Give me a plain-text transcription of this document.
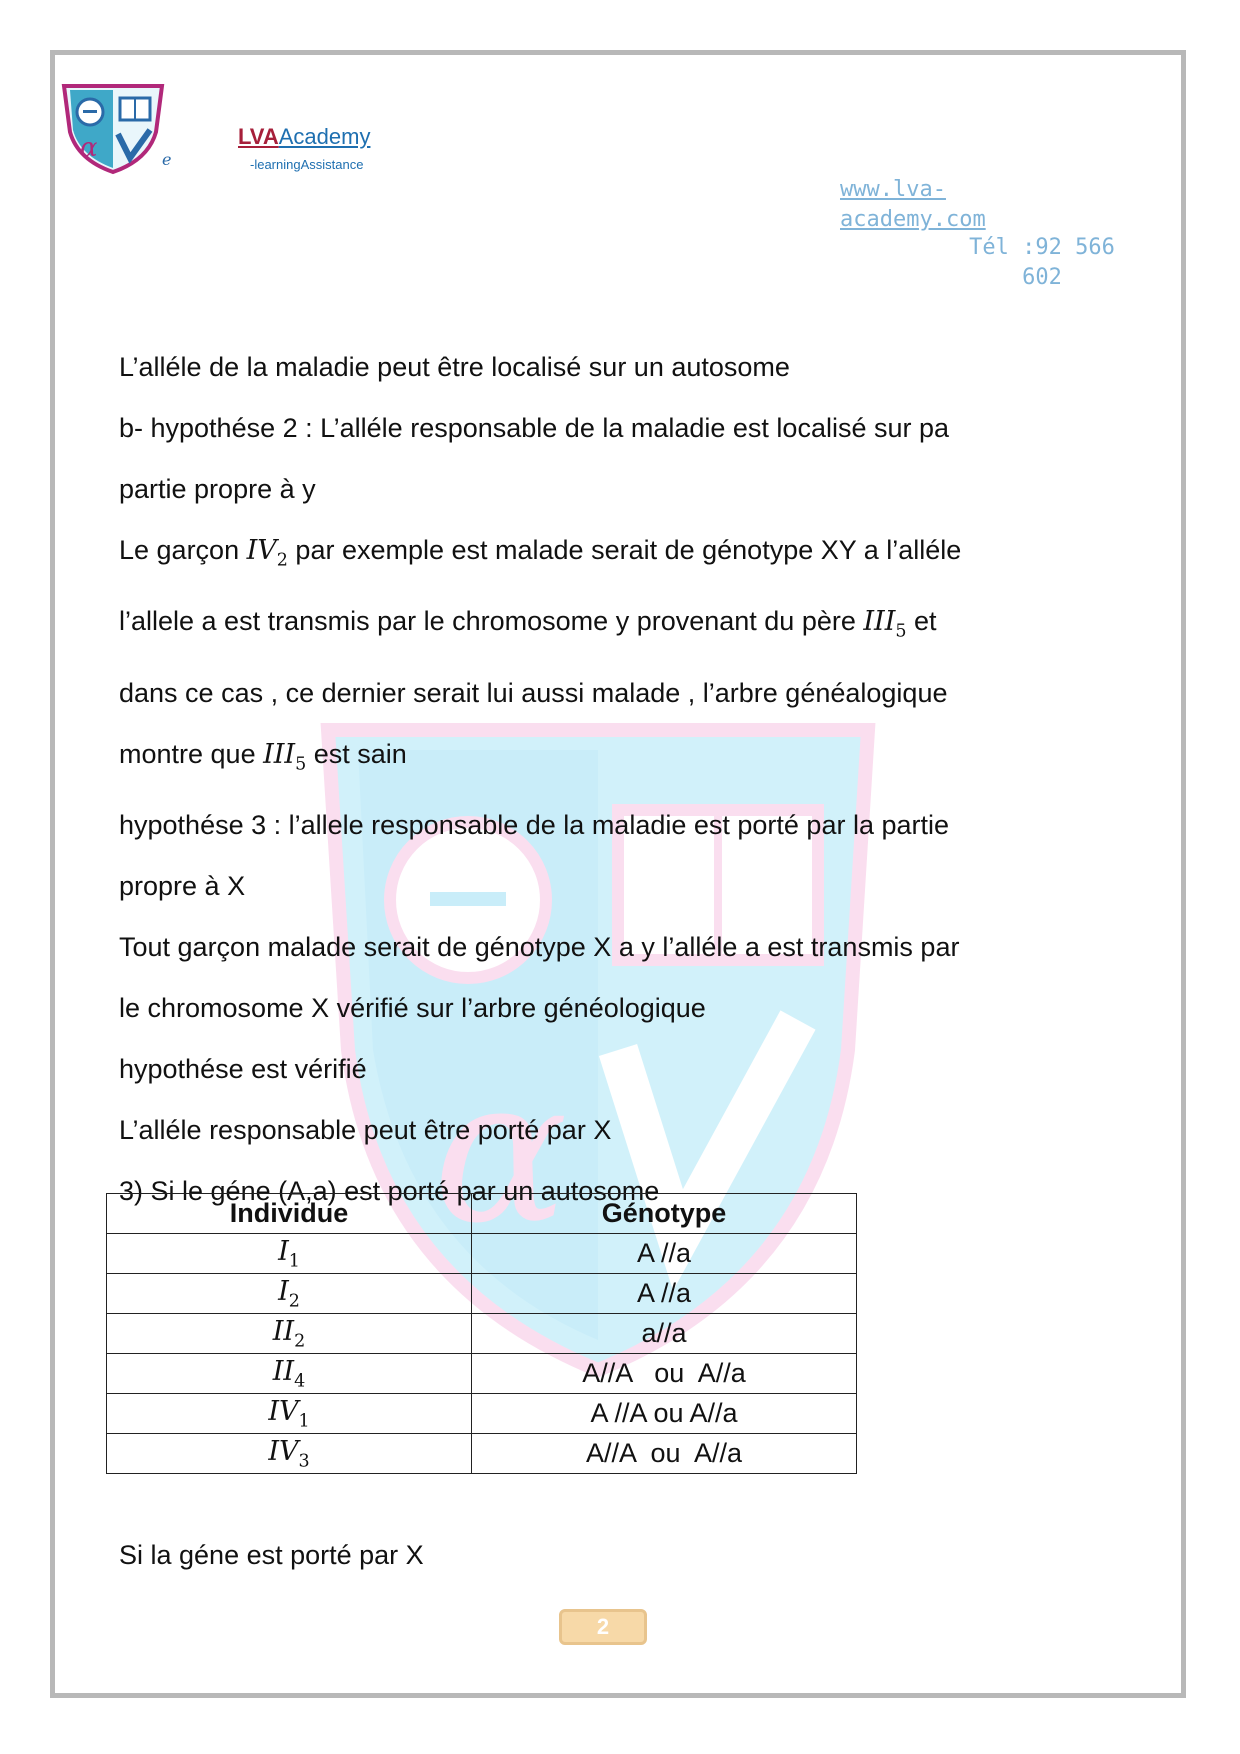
α	e
LVAAcademy
-learningAssistance
www.lva-academy.com
Tél :92 566 602
α

L’alléle de la maladie peut être localisé sur un autosome

b- hypothése 2 : L’alléle responsable de la maladie est localisé sur pa

partie propre à y

Le garçon $IV_2$ par exemple est malade serait de génotype XY a l’alléle

l’allele a est transmis par le chromosome y provenant du père $III_5$ et

dans ce cas , ce dernier serait lui aussi malade , l’arbre généalogique

montre que $III_5$ est sain

hypothése 3 : l’allele responsable de la maladie est porté par la partie

propre à X

Tout garçon malade serait de génotype X a y l’alléle a est transmis par

le chromosome X vérifié sur l’arbre généologique

hypothése est vérifié

L’alléle responsable peut être porté par X

3) Si le géne (A,a) est porté par un autosome

Individue	Génotype
$I_1$	A //a
$I_2$	A //a
$II_2$	a//a
$II_4$	A//A   ou  A//a
$IV_1$	A //A ou A//a
$IV_3$	A//A  ou  A//a
Si la géne est porté par X
2
